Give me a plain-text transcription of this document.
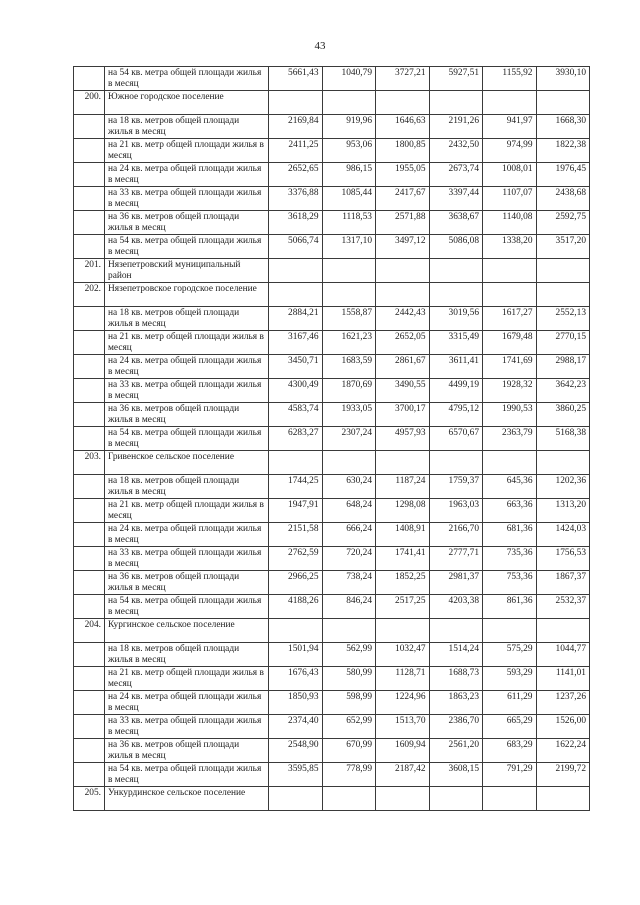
43
	на 54 кв. метра общей площади жилья в месяц	5661,43	1040,79	3727,21	5927,51	1155,92	3930,10
200.	Южное городское поселение						
	на 18 кв. метров общей площади жилья в месяц	2169,84	919,96	1646,63	2191,26	941,97	1668,30
	на 21 кв. метр общей площади жилья в месяц	2411,25	953,06	1800,85	2432,50	974,99	1822,38
	на 24 кв. метра общей площади жилья в месяц	2652,65	986,15	1955,05	2673,74	1008,01	1976,45
	на 33 кв. метра общей площади жилья в месяц	3376,88	1085,44	2417,67	3397,44	1107,07	2438,68
	на 36 кв. метров общей площади жилья в месяц	3618,29	1118,53	2571,88	3638,67	1140,08	2592,75
	на 54 кв. метра общей площади жилья в месяц	5066,74	1317,10	3497,12	5086,08	1338,20	3517,20
201.	Нязепетровский муниципальный район						
202.	Нязепетровское городское поселение						
	на 18 кв. метров общей площади жилья в месяц	2884,21	1558,87	2442,43	3019,56	1617,27	2552,13
	на 21 кв. метр общей площади жилья в месяц	3167,46	1621,23	2652,05	3315,49	1679,48	2770,15
	на 24 кв. метра общей площади жилья в месяц	3450,71	1683,59	2861,67	3611,41	1741,69	2988,17
	на 33 кв. метра общей площади жилья в месяц	4300,49	1870,69	3490,55	4499,19	1928,32	3642,23
	на 36 кв. метров общей площади жилья в месяц	4583,74	1933,05	3700,17	4795,12	1990,53	3860,25
	на 54 кв. метра общей площади жилья в месяц	6283,27	2307,24	4957,93	6570,67	2363,79	5168,38
203.	Гривенское сельское поселение						
	на 18 кв. метров общей площади жилья в месяц	1744,25	630,24	1187,24	1759,37	645,36	1202,36
	на 21 кв. метр общей площади жилья в месяц	1947,91	648,24	1298,08	1963,03	663,36	1313,20
	на 24 кв. метра общей площади жилья в месяц	2151,58	666,24	1408,91	2166,70	681,36	1424,03
	на 33 кв. метра общей площади жилья в месяц	2762,59	720,24	1741,41	2777,71	735,36	1756,53
	на 36 кв. метров общей площади жилья в месяц	2966,25	738,24	1852,25	2981,37	753,36	1867,37
	на 54 кв. метра общей площади жилья в месяц	4188,26	846,24	2517,25	4203,38	861,36	2532,37
204.	Кургинское сельское поселение						
	на 18 кв. метров общей площади жилья в месяц	1501,94	562,99	1032,47	1514,24	575,29	1044,77
	на 21 кв. метр общей площади жилья в месяц	1676,43	580,99	1128,71	1688,73	593,29	1141,01
	на 24 кв. метра общей площади жилья в месяц	1850,93	598,99	1224,96	1863,23	611,29	1237,26
	на 33 кв. метра общей площади жилья в месяц	2374,40	652,99	1513,70	2386,70	665,29	1526,00
	на 36 кв. метров общей площади жилья в месяц	2548,90	670,99	1609,94	2561,20	683,29	1622,24
	на 54 кв. метра общей площади жилья в месяц	3595,85	778,99	2187,42	3608,15	791,29	2199,72
205.	Ункурдинское сельское поселение						
